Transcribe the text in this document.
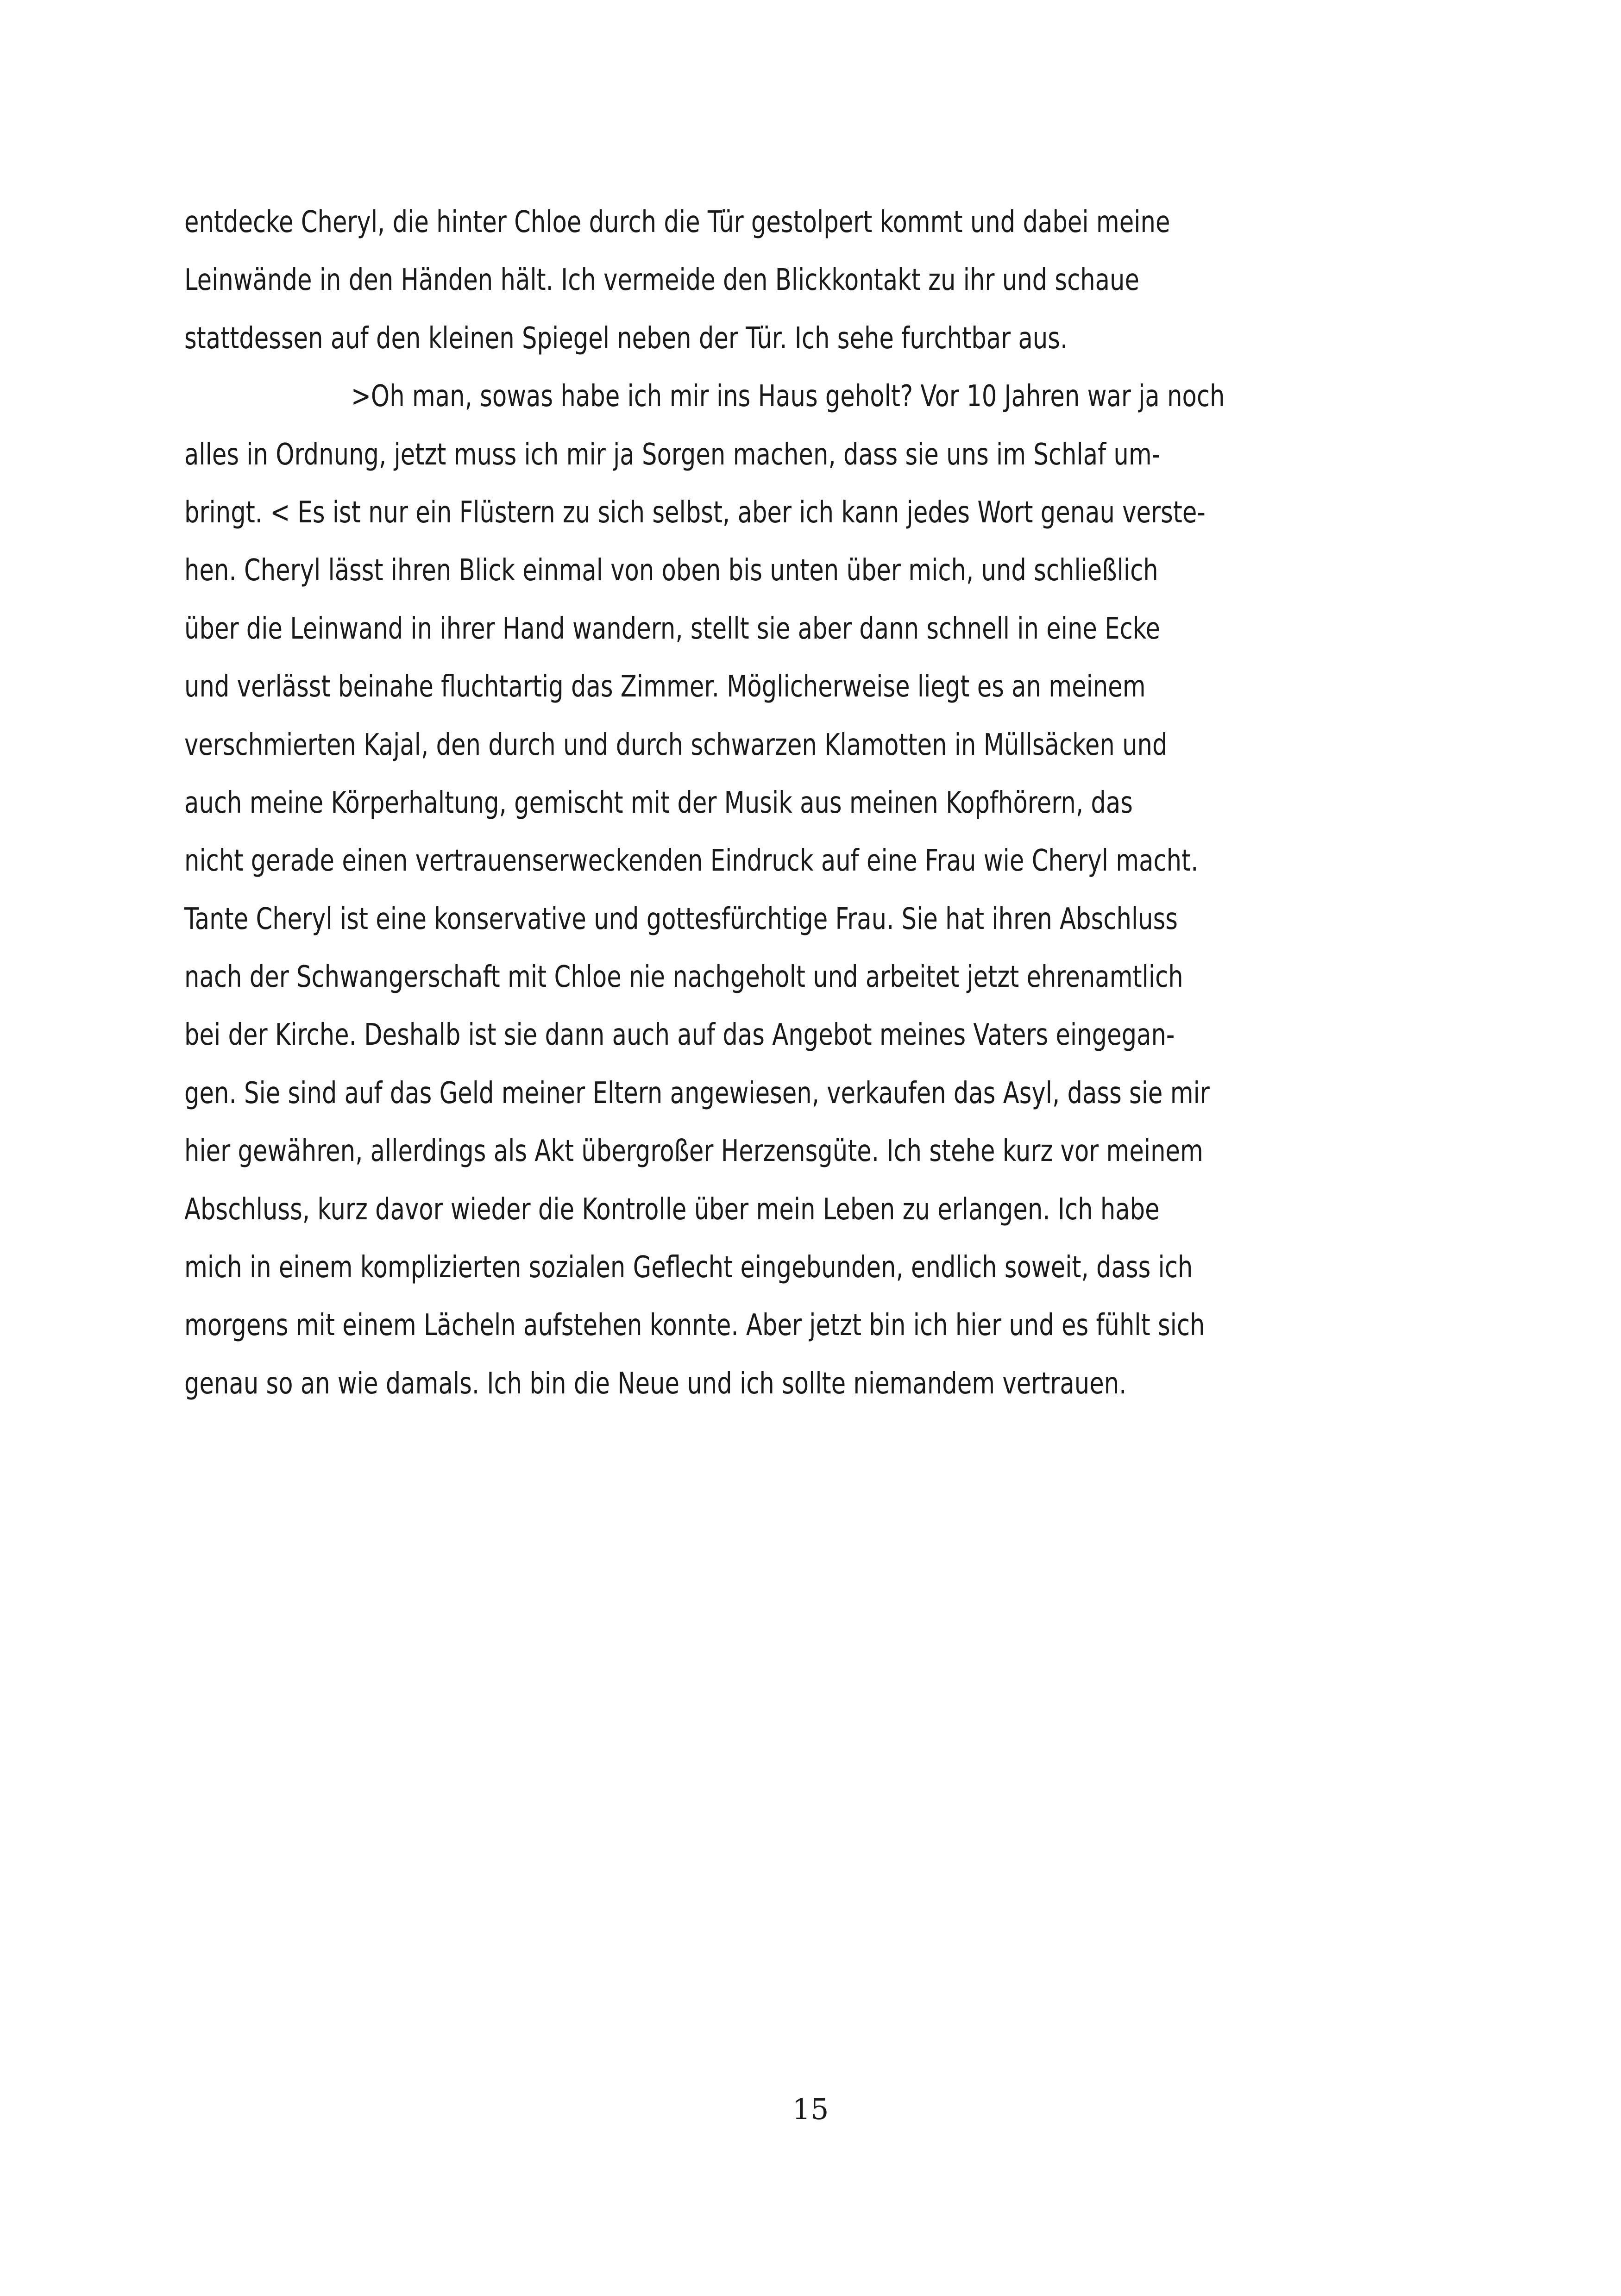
entdecke Cheryl, die hinter Chloe durch die Tür gestolpert kommt und dabei meine
Leinwände in den Händen hält. Ich vermeide den Blickkontakt zu ihr und schaue
stattdessen auf den kleinen Spiegel neben der Tür. Ich sehe furchtbar aus.
>Oh man, sowas habe ich mir ins Haus geholt? Vor 10 Jahren war ja noch
alles in Ordnung, jetzt muss ich mir ja Sorgen machen, dass sie uns im Schlaf um-
bringt. < Es ist nur ein Flüstern zu sich selbst, aber ich kann jedes Wort genau verste-
hen. Cheryl lässt ihren Blick einmal von oben bis unten über mich, und schließlich
über die Leinwand in ihrer Hand wandern, stellt sie aber dann schnell in eine Ecke
und verlässt beinahe fluchtartig das Zimmer. Möglicherweise liegt es an meinem
verschmierten Kajal, den durch und durch schwarzen Klamotten in Müllsäcken und
auch meine Körperhaltung, gemischt mit der Musik aus meinen Kopfhörern, das
nicht gerade einen vertrauenserweckenden Eindruck auf eine Frau wie Cheryl macht.
Tante Cheryl ist eine konservative und gottesfürchtige Frau. Sie hat ihren Abschluss
nach der Schwangerschaft mit Chloe nie nachgeholt und arbeitet jetzt ehrenamtlich
bei der Kirche. Deshalb ist sie dann auch auf das Angebot meines Vaters eingegan-
gen. Sie sind auf das Geld meiner Eltern angewiesen, verkaufen das Asyl, dass sie mir
hier gewähren, allerdings als Akt übergroßer Herzensgüte. Ich stehe kurz vor meinem
Abschluss, kurz davor wieder die Kontrolle über mein Leben zu erlangen. Ich habe
mich in einem komplizierten sozialen Geflecht eingebunden, endlich soweit, dass ich
morgens mit einem Lächeln aufstehen konnte. Aber jetzt bin ich hier und es fühlt sich
genau so an wie damals. Ich bin die Neue und ich sollte niemandem vertrauen.
15
